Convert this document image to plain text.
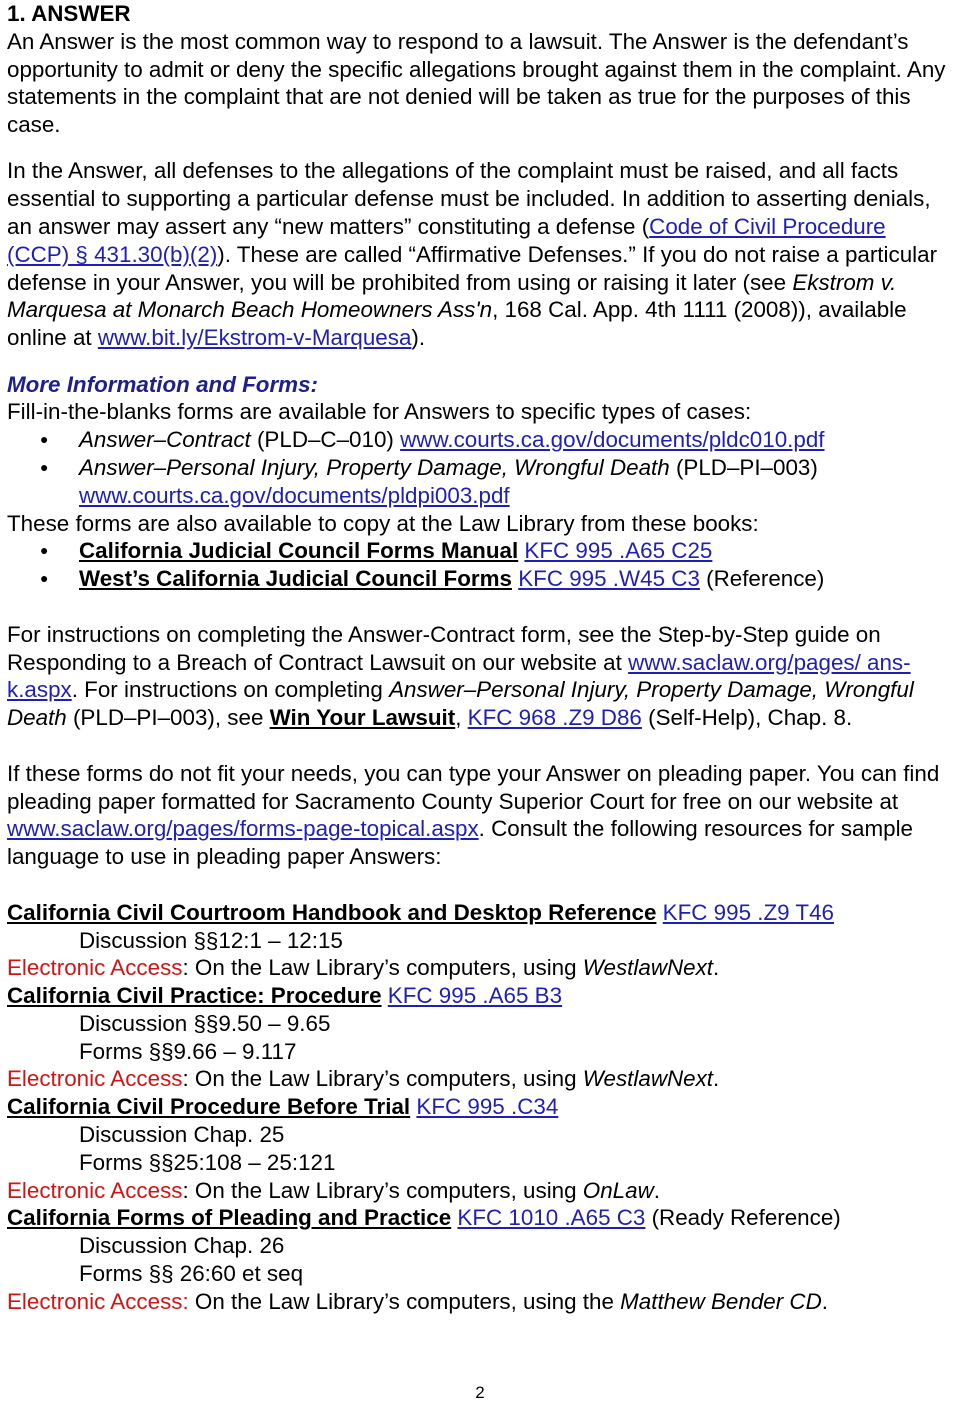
1. ANSWER

An Answer is the most common way to respond to a lawsuit. The Answer is the defendant’s opportunity to admit or deny the specific allegations brought against them in the complaint. Any statements in the complaint that are not denied will be taken as true for the purposes of this case.

In the Answer, all defenses to the allegations of the complaint must be raised, and all facts essential to supporting a particular defense must be included. In addition to asserting denials, an answer may assert any “new matters” constituting a defense (Code of Civil Procedure (CCP) § 431.30(b)(2)). These are called “Affirmative Defenses.” If you do not raise a particular defense in your Answer, you will be prohibited from using or raising it later (see Ekstrom v. Marquesa at Monarch Beach Homeowners Ass'n, 168 Cal. App. 4th 1111 (2008)), available online at www.bit.ly/Ekstrom-v-Marquesa).

More Information and Forms:

Fill-in-the-blanks forms are available for Answers to specific types of cases:

● Answer–Contract (PLD–C–010) www.courts.ca.gov/documents/pldc010.pdf
● Answer–Personal Injury, Property Damage, Wrongful Death (PLD–PI–003) www.courts.ca.gov/documents/pldpi003.pdf

These forms are also available to copy at the Law Library from these books:

● California Judicial Council Forms Manual KFC 995 .A65 C25
● West’s California Judicial Council Forms KFC 995 .W45 C3 (Reference)

For instructions on completing the Answer-Contract form, see the Step-by-Step guide on Responding to a Breach of Contract Lawsuit on our website at www.saclaw.org/pages/ ans-k.aspx. For instructions on completing Answer–Personal Injury, Property Damage, Wrongful Death (PLD–PI–003), see Win Your Lawsuit, KFC 968 .Z9 D86 (Self-Help), Chap. 8.

If these forms do not fit your needs, you can type your Answer on pleading paper. You can find pleading paper formatted for Sacramento County Superior Court for free on our website at www.saclaw.org/pages/forms-page-topical.aspx. Consult the following resources for sample language to use in pleading paper Answers:

California Civil Courtroom Handbook and Desktop Reference KFC 995 .Z9 T46

Discussion §§12:1 – 12:15

Electronic Access: On the Law Library’s computers, using WestlawNext.

California Civil Practice: Procedure KFC 995 .A65 B3

Discussion §§9.50 – 9.65

Forms §§9.66 – 9.117

Electronic Access: On the Law Library’s computers, using WestlawNext.

California Civil Procedure Before Trial KFC 995 .C34

Discussion Chap. 25

Forms §§25:108 – 25:121

Electronic Access: On the Law Library’s computers, using OnLaw.

California Forms of Pleading and Practice KFC 1010 .A65 C3 (Ready Reference)

Discussion Chap. 26

Forms §§ 26:60 et seq

Electronic Access: On the Law Library’s computers, using the Matthew Bender CD.

2
